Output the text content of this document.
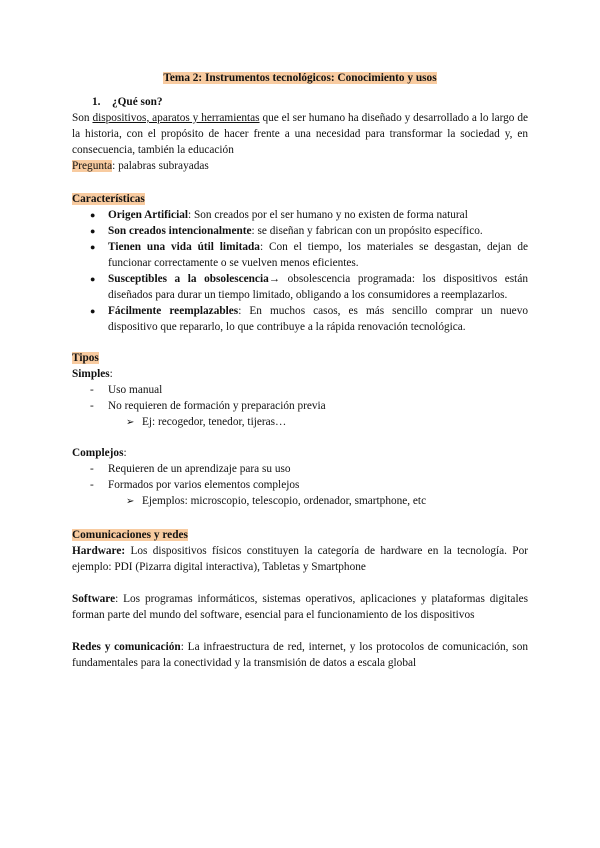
Tema 2: Instrumentos tecnológicos: Conocimiento y usos

1. ¿Qué son?

Son dispositivos, aparatos y herramientas que el ser humano ha diseñado y desarrollado a lo largo de la historia, con el propósito de hacer frente a una necesidad para transformar la sociedad y, en consecuencia, también la educación

Pregunta: palabras subrayadas

Características

● Origen Artificial: Son creados por el ser humano y no existen de forma natural
● Son creados intencionalmente: se diseñan y fabrican con un propósito específico.
● Tienen una vida útil limitada: Con el tiempo, los materiales se desgastan, dejan de funcionar correctamente o se vuelven menos eficientes.
● Susceptibles a la obsolescencia→ obsolescencia programada: los dispositivos están diseñados para durar un tiempo limitado, obligando a los consumidores a reemplazarlos.
● Fácilmente reemplazables: En muchos casos, es más sencillo comprar un nuevo dispositivo que repararlo, lo que contribuye a la rápida renovación tecnológica.

Tipos

Simples:

- Uso manual
- No requieren de formación y preparación previa

➢ Ej: recogedor, tenedor, tijeras…

Complejos:

- Requieren de un aprendizaje para su uso
- Formados por varios elementos complejos

➢ Ejemplos: microscopio, telescopio, ordenador, smartphone, etc

Comunicaciones y redes

Hardware: Los dispositivos físicos constituyen la categoría de hardware en la tecnología. Por ejemplo: PDI (Pizarra digital interactiva), Tabletas y Smartphone

Software: Los programas informáticos, sistemas operativos, aplicaciones y plataformas digitales forman parte del mundo del software, esencial para el funcionamiento de los dispositivos

Redes y comunicación: La infraestructura de red, internet, y los protocolos de comunicación, son fundamentales para la conectividad y la transmisión de datos a escala global
